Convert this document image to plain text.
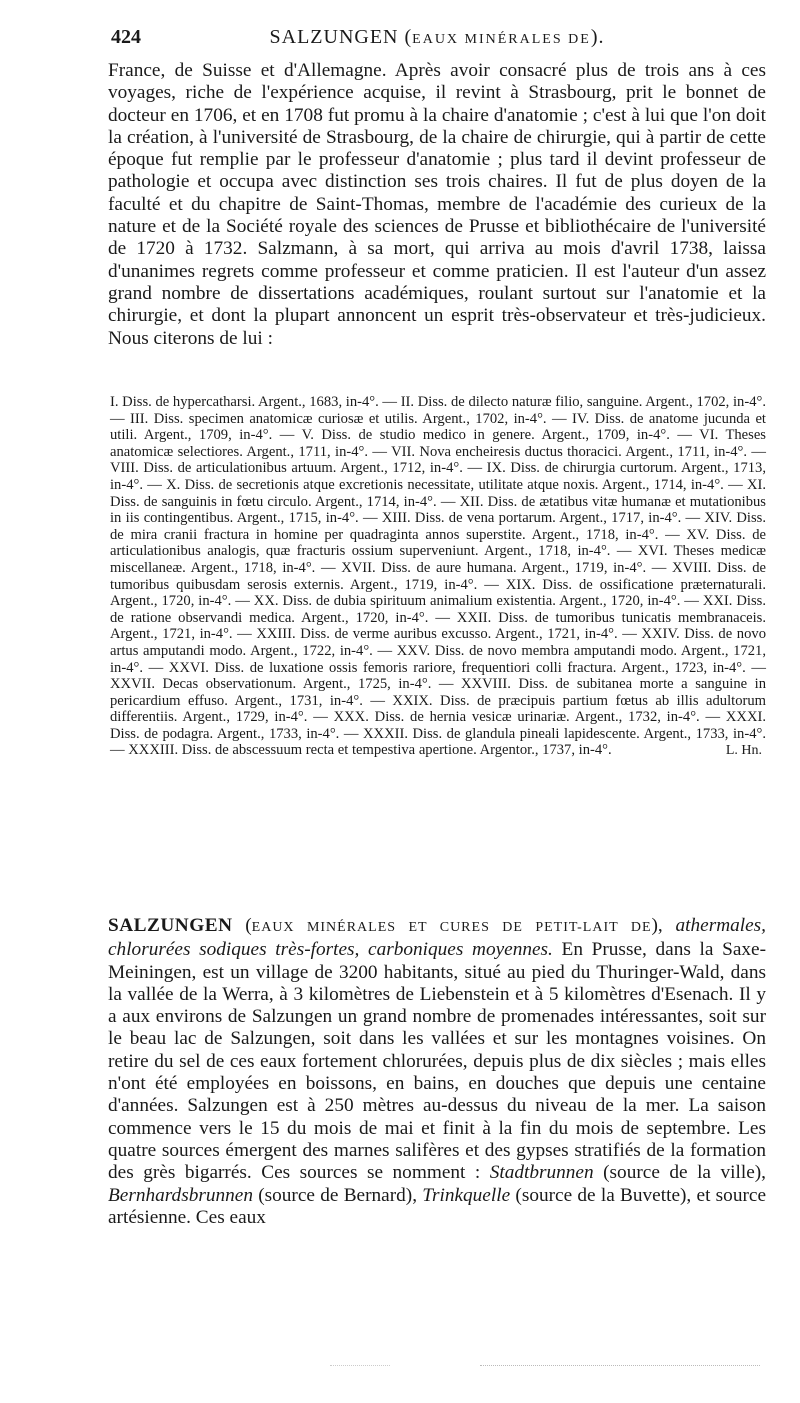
424	SALZUNGEN (EAUX MINÉRALES DE).
France, de Suisse et d'Allemagne. Après avoir consacré plus de trois ans à ces voyages, riche de l'expérience acquise, il revint à Strasbourg, prit le bonnet de docteur en 1706, et en 1708 fut promu à la chaire d'anatomie ; c'est à lui que l'on doit la création, à l'université de Strasbourg, de la chaire de chirurgie, qui à partir de cette époque fut remplie par le professeur d'anatomie ; plus tard il devint professeur de pathologie et occupa avec distinction ses trois chaires. Il fut de plus doyen de la faculté et du chapitre de Saint-Thomas, membre de l'académie des curieux de la nature et de la Société royale des sciences de Prusse et bibliothécaire de l'université de 1720 à 1732. Salzmann, à sa mort, qui arriva au mois d'avril 1738, laissa d'unanimes regrets comme professeur et comme praticien. Il est l'auteur d'un assez grand nombre de dissertations académiques, roulant surtout sur l'anatomie et la chirurgie, et dont la plupart annoncent un esprit très-observateur et très-judicieux. Nous citerons de lui :
I. Diss. de hypercatharsi. Argent., 1683, in-4°. — II. Diss. de dilecto naturæ filio, sanguine. Argent., 1702, in-4°. — III. Diss. specimen anatomicæ curiosæ et utilis. Argent., 1702, in-4°. — IV. Diss. de anatome jucunda et utili. Argent., 1709, in-4°. — V. Diss. de studio medico in genere. Argent., 1709, in-4°. — VI. Theses anatomicæ selectiores. Argent., 1711, in-4°. — VII. Nova encheiresis ductus thoracici. Argent., 1711, in-4°. — VIII. Diss. de articulationibus artuum. Argent., 1712, in-4°. — IX. Diss. de chirurgia curtorum. Argent., 1713, in-4°. — X. Diss. de secretionis atque excretionis necessitate, utilitate atque noxis. Argent., 1714, in-4°. — XI. Diss. de sanguinis in fœtu circulo. Argent., 1714, in-4°. — XII. Diss. de ætatibus vitæ humanæ et mutationibus in iis contingentibus. Argent., 1715, in-4°. — XIII. Diss. de vena portarum. Argent., 1717, in-4°. — XIV. Diss. de mira cranii fractura in homine per quadraginta annos superstite. Argent., 1718, in-4°. — XV. Diss. de articulationibus analogis, quæ fracturis ossium superveniunt. Argent., 1718, in-4°. — XVI. Theses medicæ miscellaneæ. Argent., 1718, in-4°. — XVII. Diss. de aure humana. Argent., 1719, in-4°. — XVIII. Diss. de tumoribus quibusdam serosis externis. Argent., 1719, in-4°. — XIX. Diss. de ossificatione præternaturali. Argent., 1720, in-4°. — XX. Diss. de dubia spirituum animalium existentia. Argent., 1720, in-4°. — XXI. Diss. de ratione observandi medica. Argent., 1720, in-4°. — XXII. Diss. de tumoribus tunicatis membranaceis. Argent., 1721, in-4°. — XXIII. Diss. de verme auribus excusso. Argent., 1721, in-4°. — XXIV. Diss. de novo artus amputandi modo. Argent., 1722, in-4°. — XXV. Diss. de novo membra amputandi modo. Argent., 1721, in-4°. — XXVI. Diss. de luxatione ossis femoris rariore, frequentiori colli fractura. Argent., 1723, in-4°. — XXVII. Decas observationum. Argent., 1725, in-4°. — XXVIII. Diss. de subitanea morte a sanguine in pericardium effuso. Argent., 1731, in-4°. — XXIX. Diss. de præcipuis partium fœtus ab illis adultorum differentiis. Argent., 1729, in-4°. — XXX. Diss. de hernia vesicæ urinariæ. Argent., 1732, in-4°. — XXXI. Diss. de podagra. Argent., 1733, in-4°. — XXXII. Diss. de glandula pineali lapidescente. Argent., 1733, in-4°. — XXXIII. Diss. de abscessuum recta et tempestiva apertione. Argentor., 1737, in-4°.	L. Hn.
SALZUNGEN (EAUX MINÉRALES ET CURES DE PETIT-LAIT DE), athermales, chlorurées sodiques très-fortes, carboniques moyennes. En Prusse, dans la Saxe-Meiningen, est un village de 3200 habitants, situé au pied du Thuringer-Wald, dans la vallée de la Werra, à 3 kilomètres de Liebenstein et à 5 kilomètres d'Esenach. Il y a aux environs de Salzungen un grand nombre de promenades intéressantes, soit sur le beau lac de Salzungen, soit dans les vallées et sur les montagnes voisines. On retire du sel de ces eaux fortement chlorurées, depuis plus de dix siècles ; mais elles n'ont été employées en boissons, en bains, en douches que depuis une centaine d'années. Salzungen est à 250 mètres au-dessus du niveau de la mer. La saison commence vers le 15 du mois de mai et finit à la fin du mois de septembre. Les quatre sources émergent des marnes salifères et des gypses stratifiés de la formation des grès bigarrés. Ces sources se nomment : Stadtbrunnen (source de la ville), Bernhardsbrunnen (source de Bernard), Trinkquelle (source de la Buvette), et source artésienne. Ces eaux
